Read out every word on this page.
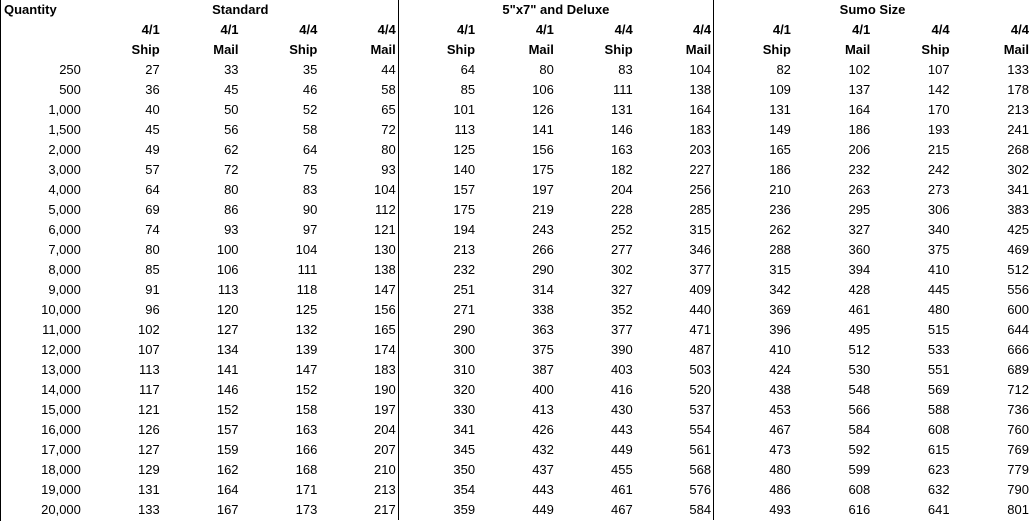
Quantity	Standard				5"x7" and Deluxe				Sumo Size			
	4/1	4/1	4/4	4/4	4/1	4/1	4/4	4/4	4/1	4/1	4/4	4/4
	Ship	Mail	Ship	Mail	Ship	Mail	Ship	Mail	Ship	Mail	Ship	Mail
250	27	33	35	44	64	80	83	104	82	102	107	133
500	36	45	46	58	85	106	111	138	109	137	142	178
1,000	40	50	52	65	101	126	131	164	131	164	170	213
1,500	45	56	58	72	113	141	146	183	149	186	193	241
2,000	49	62	64	80	125	156	163	203	165	206	215	268
3,000	57	72	75	93	140	175	182	227	186	232	242	302
4,000	64	80	83	104	157	197	204	256	210	263	273	341
5,000	69	86	90	112	175	219	228	285	236	295	306	383
6,000	74	93	97	121	194	243	252	315	262	327	340	425
7,000	80	100	104	130	213	266	277	346	288	360	375	469
8,000	85	106	111	138	232	290	302	377	315	394	410	512
9,000	91	113	118	147	251	314	327	409	342	428	445	556
10,000	96	120	125	156	271	338	352	440	369	461	480	600
11,000	102	127	132	165	290	363	377	471	396	495	515	644
12,000	107	134	139	174	300	375	390	487	410	512	533	666
13,000	113	141	147	183	310	387	403	503	424	530	551	689
14,000	117	146	152	190	320	400	416	520	438	548	569	712
15,000	121	152	158	197	330	413	430	537	453	566	588	736
16,000	126	157	163	204	341	426	443	554	467	584	608	760
17,000	127	159	166	207	345	432	449	561	473	592	615	769
18,000	129	162	168	210	350	437	455	568	480	599	623	779
19,000	131	164	171	213	354	443	461	576	486	608	632	790
20,000	133	167	173	217	359	449	467	584	493	616	641	801
